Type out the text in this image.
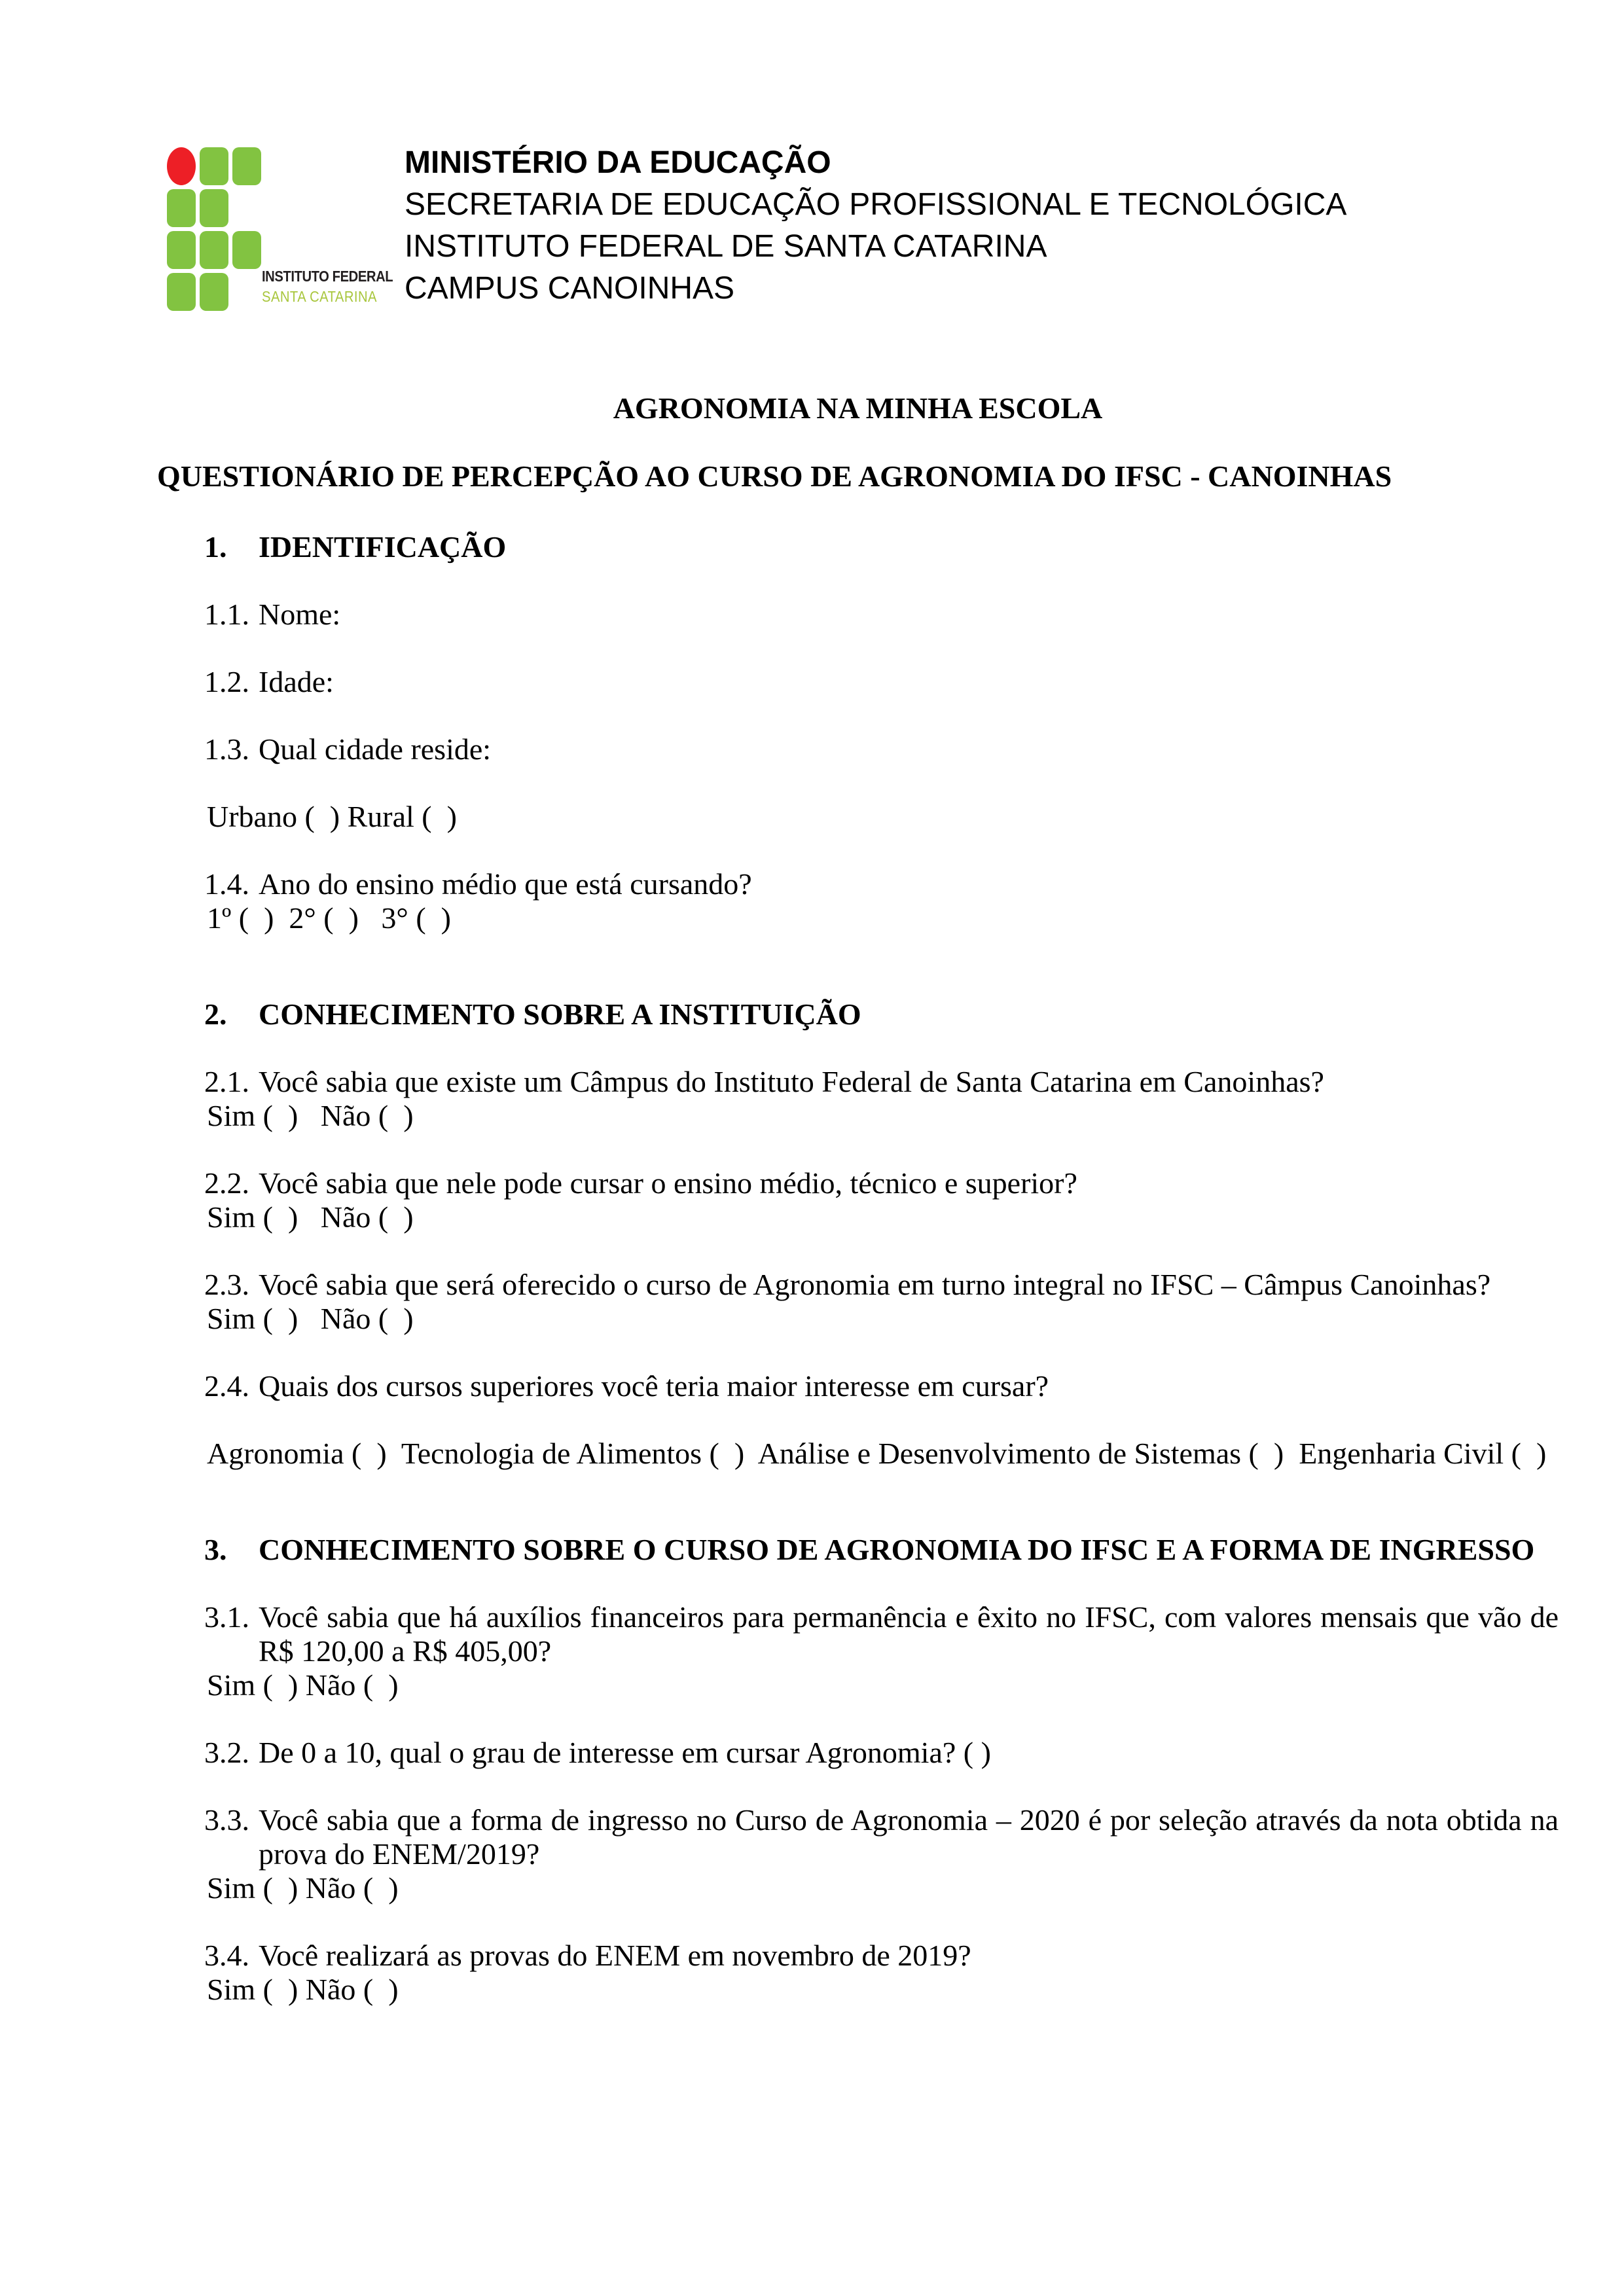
INSTITUTO FEDERAL
SANTA CATARINA
MINISTÉRIO DA EDUCAÇÃO
SECRETARIA DE EDUCAÇÃO PROFISSIONAL E TECNOLÓGICA
INSTITUTO FEDERAL DE SANTA CATARINA
CAMPUS CANOINHAS

AGRONOMIA NA MINHA ESCOLA

QUESTIONÁRIO DE PERCEPÇÃO AO CURSO DE AGRONOMIA DO IFSC - CANOINHAS

1. IDENTIFICAÇÃO

1.1. Nome:

1.2. Idade:

1.3. Qual cidade reside:

Urbano (  ) Rural (  )

1.4. Ano do ensino médio que está cursando?

1º (  )  2° (  )   3° (  )

2. CONHECIMENTO SOBRE A INSTITUIÇÃO

2.1. Você sabia que existe um Câmpus do Instituto Federal de Santa Catarina em Canoinhas?

Sim (  )   Não (  )

2.2. Você sabia que nele pode cursar o ensino médio, técnico e superior?

Sim (  )   Não (  )

2.3. Você sabia que será oferecido o curso de Agronomia em turno integral no IFSC – Câmpus Canoinhas?

Sim (  )   Não (  )

2.4. Quais dos cursos superiores você teria maior interesse em cursar?

Agronomia (  )  Tecnologia de Alimentos (  )  Análise e Desenvolvimento de Sistemas (  )  Engenharia Civil (  )

3. CONHECIMENTO SOBRE O CURSO DE AGRONOMIA DO IFSC E A FORMA DE INGRESSO

3.1. Você sabia que há auxílios financeiros para permanência e êxito no IFSC, com valores mensais que vão de R$ 120,00 a R$ 405,00?

Sim (  ) Não (  )

3.2. De 0 a 10, qual o grau de interesse em cursar Agronomia? ( )

3.3. Você sabia que a forma de ingresso no Curso de Agronomia – 2020 é por seleção através da nota obtida na prova do ENEM/2019?

Sim (  ) Não (  )

3.4. Você realizará as provas do ENEM em novembro de 2019?

Sim (  ) Não (  )
